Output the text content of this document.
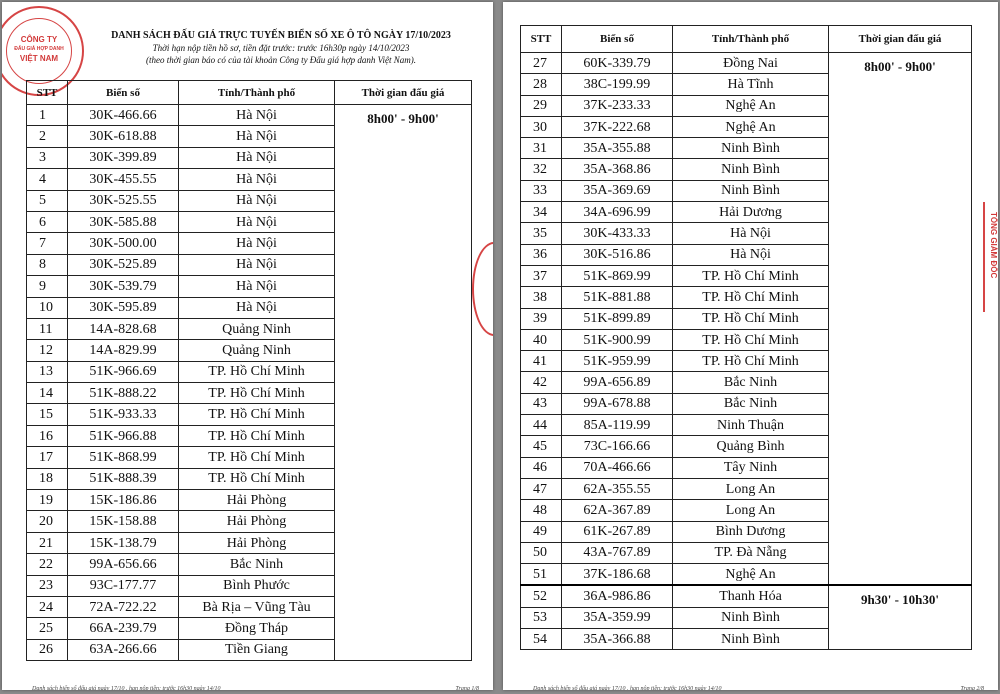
CÔNG TY
ĐẤU GIÁ HỢP DANH
VIỆT NAM
DANH SÁCH ĐẤU GIÁ TRỰC TUYẾN BIỂN SỐ XE Ô TÔ NGÀY 17/10/2023
Thời hạn nộp tiền hồ sơ, tiền đặt trước: trước 16h30p ngày 14/10/2023
(theo thời gian báo có của tài khoản Công ty Đấu giá hợp danh Việt Nam).
STT	Biển số	Tỉnh/Thành phố	Thời gian đấu giá
1	30K-466.66	Hà Nội	8h00' - 9h00'
2	30K-618.88	Hà Nội	
3	30K-399.89	Hà Nội	
4	30K-455.55	Hà Nội	
5	30K-525.55	Hà Nội	
6	30K-585.88	Hà Nội	
7	30K-500.00	Hà Nội	
8	30K-525.89	Hà Nội	
9	30K-539.79	Hà Nội	
10	30K-595.89	Hà Nội	
11	14A-828.68	Quảng Ninh	
12	14A-829.99	Quảng Ninh	
13	51K-966.69	TP. Hồ Chí Minh	
14	51K-888.22	TP. Hồ Chí Minh	
15	51K-933.33	TP. Hồ Chí Minh	
16	51K-966.88	TP. Hồ Chí Minh	
17	51K-868.99	TP. Hồ Chí Minh	
18	51K-888.39	TP. Hồ Chí Minh	
19	15K-186.86	Hải Phòng	
20	15K-158.88	Hải Phòng	
21	15K-138.79	Hải Phòng	
22	99A-656.66	Bắc Ninh	
23	93C-177.77	Bình Phước	
24	72A-722.22	Bà Rịa – Vũng Tàu	
25	66A-239.79	Đồng Tháp	
26	63A-266.66	Tiền Giang	
Danh sách biển số đấu giá ngày 17/10 . hạn nộp tiền: trước 16h30 ngày 14/10	Trang 1/8
TỔNG GIÁM ĐỐC
STT	Biển số	Tỉnh/Thành phố	Thời gian đấu giá
27	60K-339.79	Đồng Nai	8h00' - 9h00'
28	38C-199.99	Hà Tĩnh	
29	37K-233.33	Nghệ An	
30	37K-222.68	Nghệ An	
31	35A-355.88	Ninh Bình	
32	35A-368.86	Ninh Bình	
33	35A-369.69	Ninh Bình	
34	34A-696.99	Hải Dương	
35	30K-433.33	Hà Nội	
36	30K-516.86	Hà Nội	
37	51K-869.99	TP. Hồ Chí Minh	
38	51K-881.88	TP. Hồ Chí Minh	
39	51K-899.89	TP. Hồ Chí Minh	
40	51K-900.99	TP. Hồ Chí Minh	
41	51K-959.99	TP. Hồ Chí Minh	
42	99A-656.89	Bắc Ninh	
43	99A-678.88	Bắc Ninh	
44	85A-119.99	Ninh Thuận	
45	73C-166.66	Quảng Bình	
46	70A-466.66	Tây Ninh	
47	62A-355.55	Long An	
48	62A-367.89	Long An	
49	61K-267.89	Bình Dương	
50	43A-767.89	TP. Đà Nẵng	
51	37K-186.68	Nghệ An	
52	36A-986.86	Thanh Hóa	9h30' - 10h30'
53	35A-359.99	Ninh Bình	
54	35A-366.88	Ninh Bình	
Danh sách biển số đấu giá ngày 17/10 . hạn nộp tiền: trước 16h30 ngày 14/10	Trang 2/8
